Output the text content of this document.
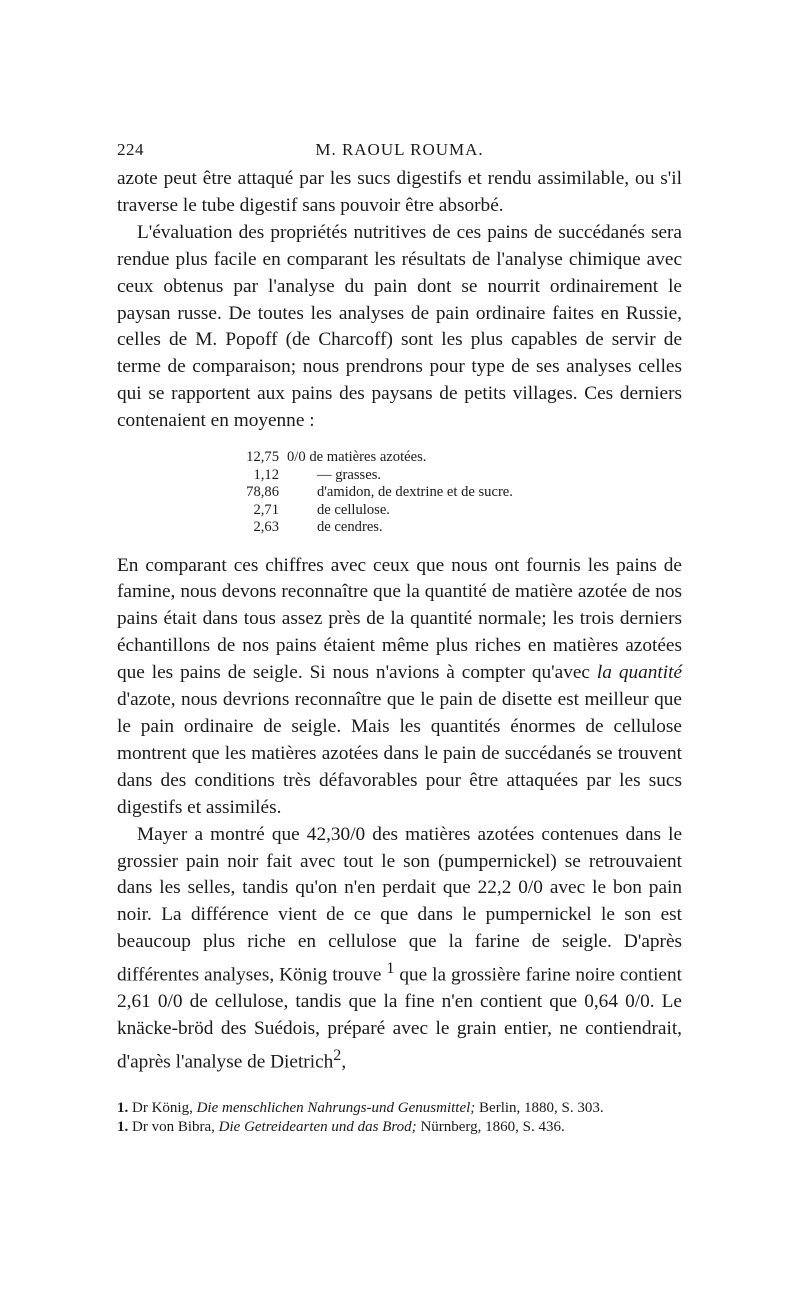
224	M. RAOUL ROUMA.

azote peut être attaqué par les sucs digestifs et rendu assimilable, ou s'il traverse le tube digestif sans pouvoir être absorbé.

L'évaluation des propriétés nutritives de ces pains de succédanés sera rendue plus facile en comparant les résultats de l'analyse chimique avec ceux obtenus par l'analyse du pain dont se nourrit ordinairement le paysan russe. De toutes les analyses de pain ordinaire faites en Russie, celles de M. Popoff (de Charcoff) sont les plus capables de servir de terme de comparaison; nous prendrons pour type de ses analyses celles qui se rapportent aux pains des paysans de petits villages. Ces derniers contenaient en moyenne :

12,75 0/0 de matières azotées.
1,12	— grasses.
78,86	d'amidon, de dextrine et de sucre.
2,71	de cellulose.
2,63	de cendres.

En comparant ces chiffres avec ceux que nous ont fournis les pains de famine, nous devons reconnaître que la quantité de matière azotée de nos pains était dans tous assez près de la quantité normale; les trois derniers échantillons de nos pains étaient même plus riches en matières azotées que les pains de seigle. Si nous n'avions à compter qu'avec la quantité d'azote, nous devrions reconnaître que le pain de disette est meilleur que le pain ordinaire de seigle. Mais les quantités énormes de cellulose montrent que les matières azotées dans le pain de succédanés se trouvent dans des conditions très défavorables pour être attaquées par les sucs digestifs et assimilés.

Mayer a montré que 42,30/0 des matières azotées contenues dans le grossier pain noir fait avec tout le son (pumpernickel) se retrouvaient dans les selles, tandis qu'on n'en perdait que 22,2 0/0 avec le bon pain noir. La différence vient de ce que dans le pumpernickel le son est beaucoup plus riche en cellulose que la farine de seigle. D'après différentes analyses, König trouve $^1$ que la grossière farine noire contient 2,61 0/0 de cellulose, tandis que la fine n'en contient que 0,64 0/0. Le knäcke-bröd des Suédois, préparé avec le grain entier, ne contiendrait, d'après l'analyse de Dietrich$^2$,

1. Dr König, Die menschlichen Nahrungs-und Genusmittel; Berlin, 1880, S. 303.

1. Dr von Bibra, Die Getreidearten und das Brod; Nürnberg, 1860, S. 436.
